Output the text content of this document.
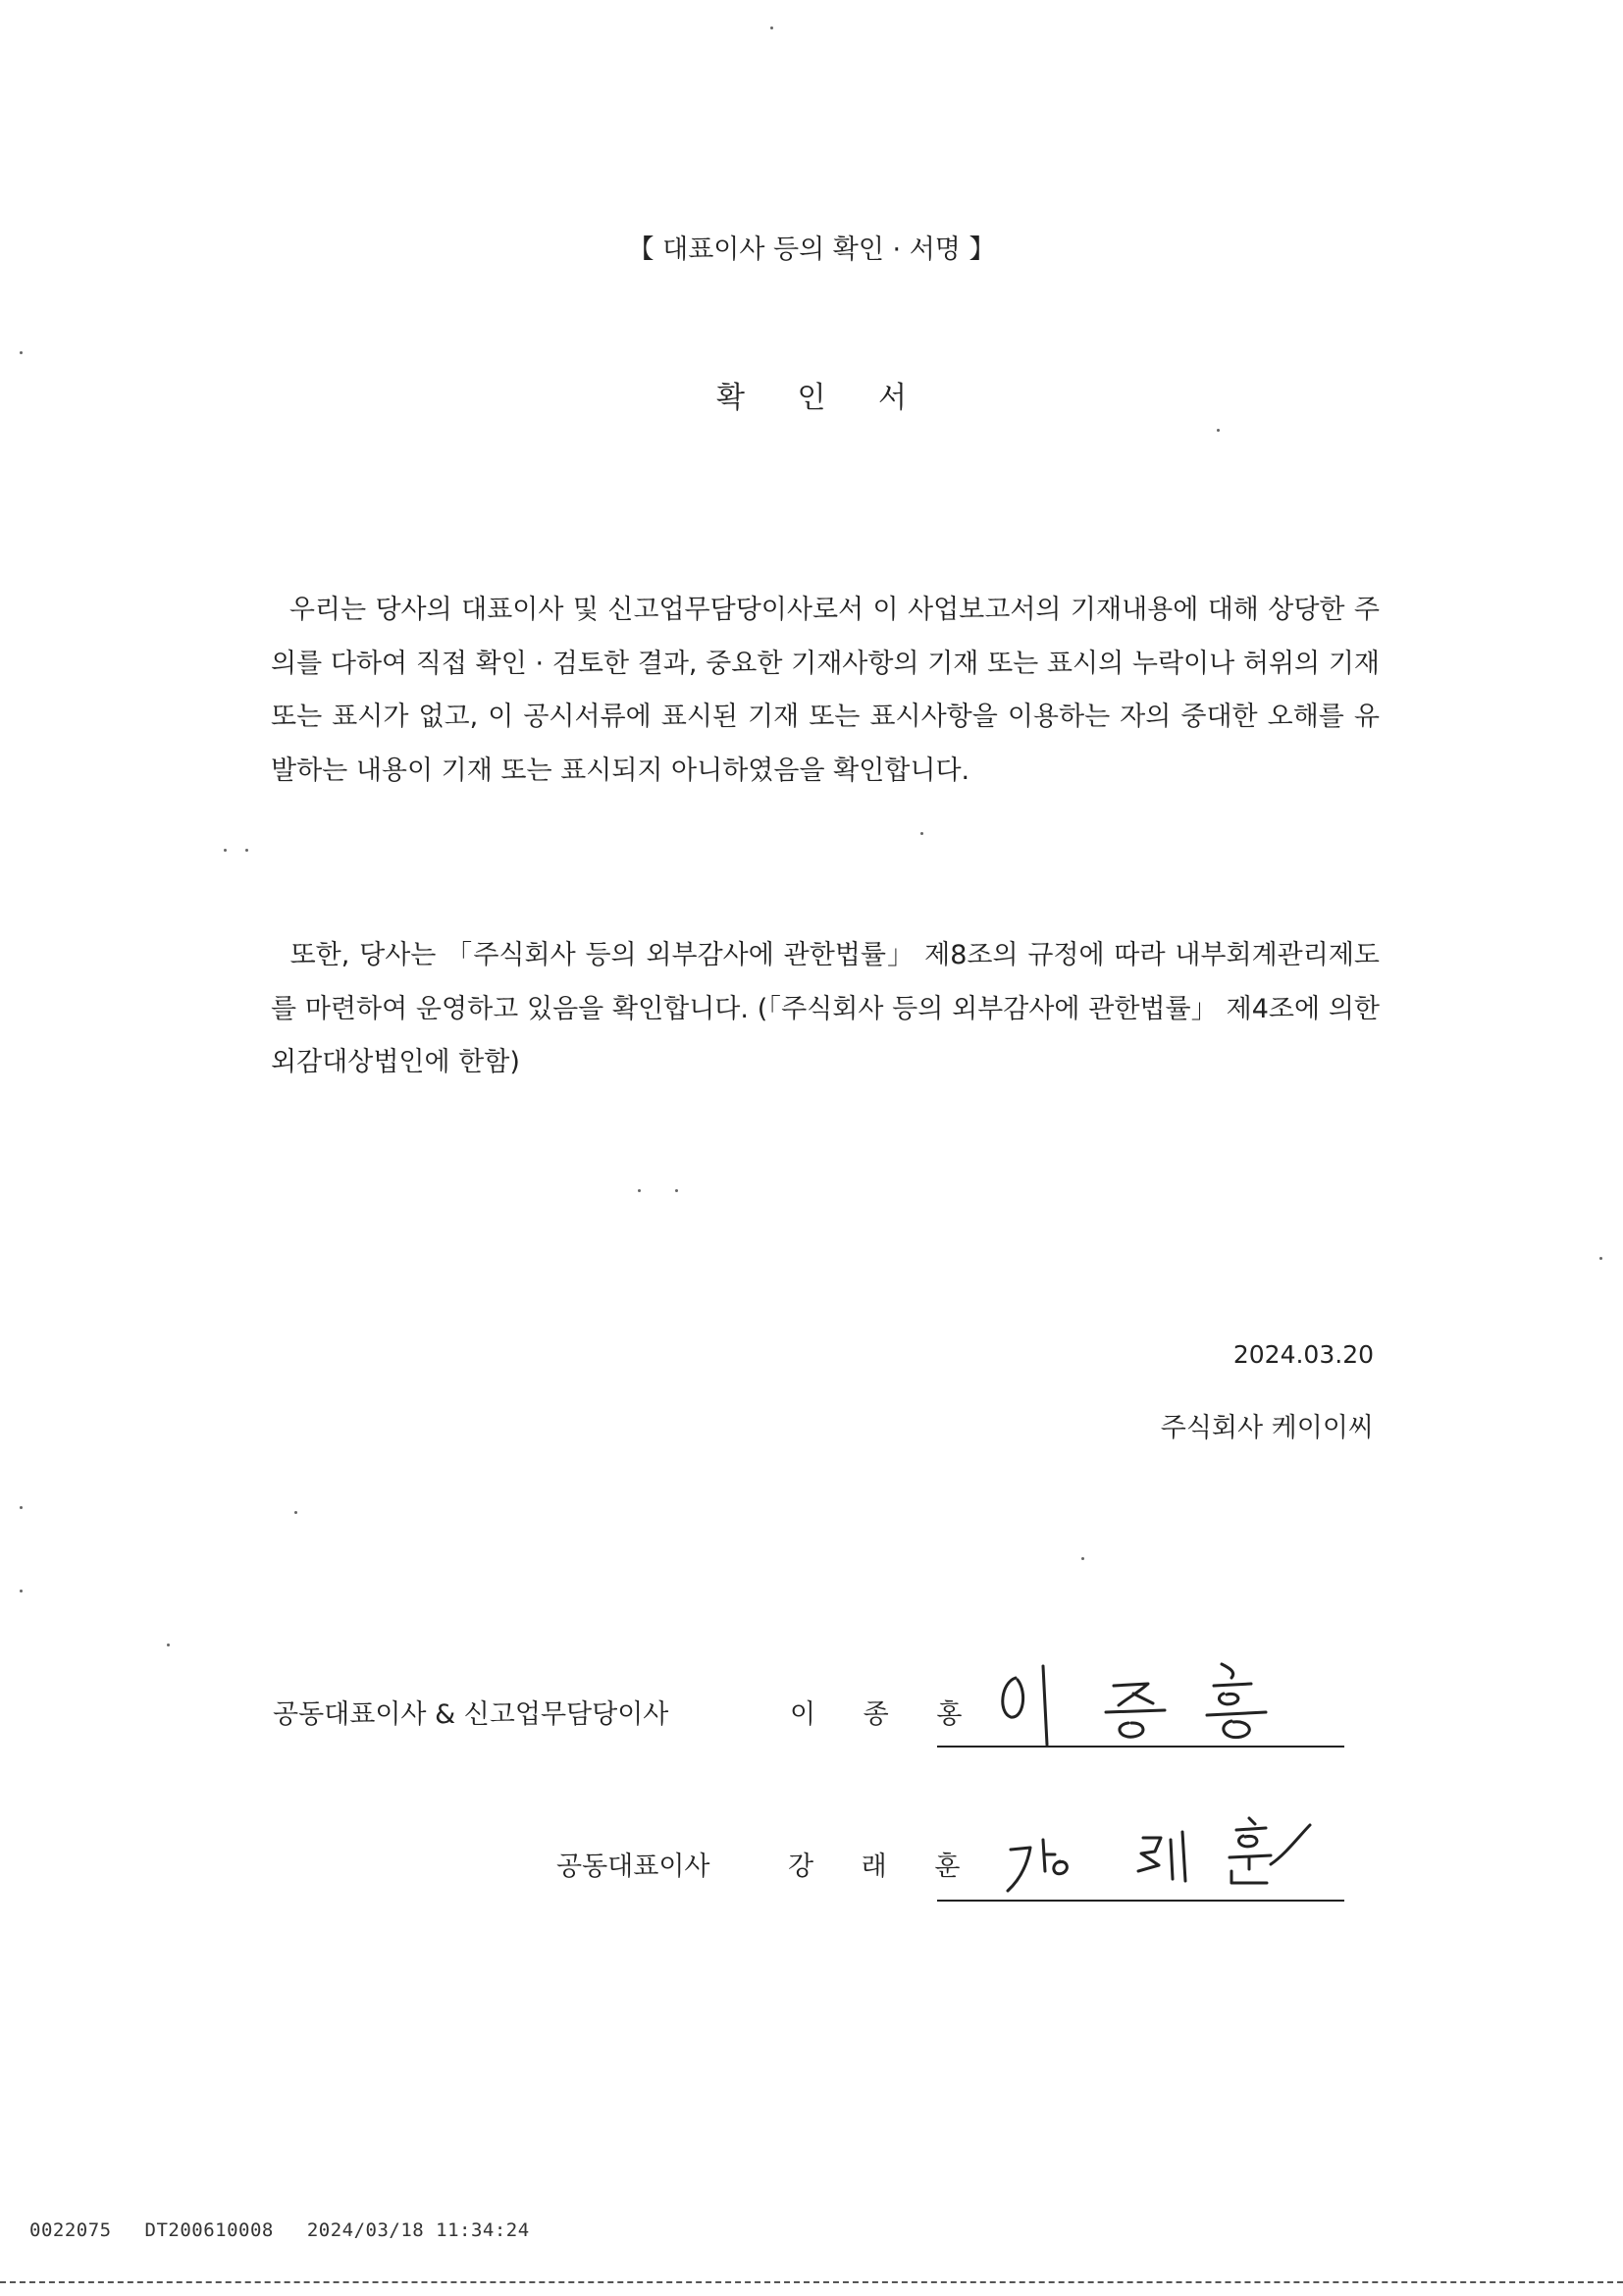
【 대표이사 등의 확인 · 서명 】
확 인 서
우리는 당사의 대표이사 및 신고업무담당이사로서 이 사업보고서의 기재내용에 대해 상당한 주의를 다하여 직접 확인 · 검토한 결과, 중요한 기재사항의 기재 또는 표시의 누락이나 허위의 기재 또는 표시가 없고, 이 공시서류에 표시된 기재 또는 표시사항을 이용하는 자의 중대한 오해를 유발하는 내용이 기재 또는 표시되지 아니하였음을 확인합니다.
또한, 당사는 「주식회사 등의 외부감사에 관한법률」 제8조의 규정에 따라 내부회계관리제도를 마련하여 운영하고 있음을 확인합니다. (「주식회사 등의 외부감사에 관한법률」 제4조에 의한 외감대상법인에 한함)
2024.03.20
주식회사 케이이씨
공동대표이사 & 신고업무담당이사	이 종 홍
공동대표이사	강 래 훈
0022075 DT200610008 2024/03/18 11:34:24
